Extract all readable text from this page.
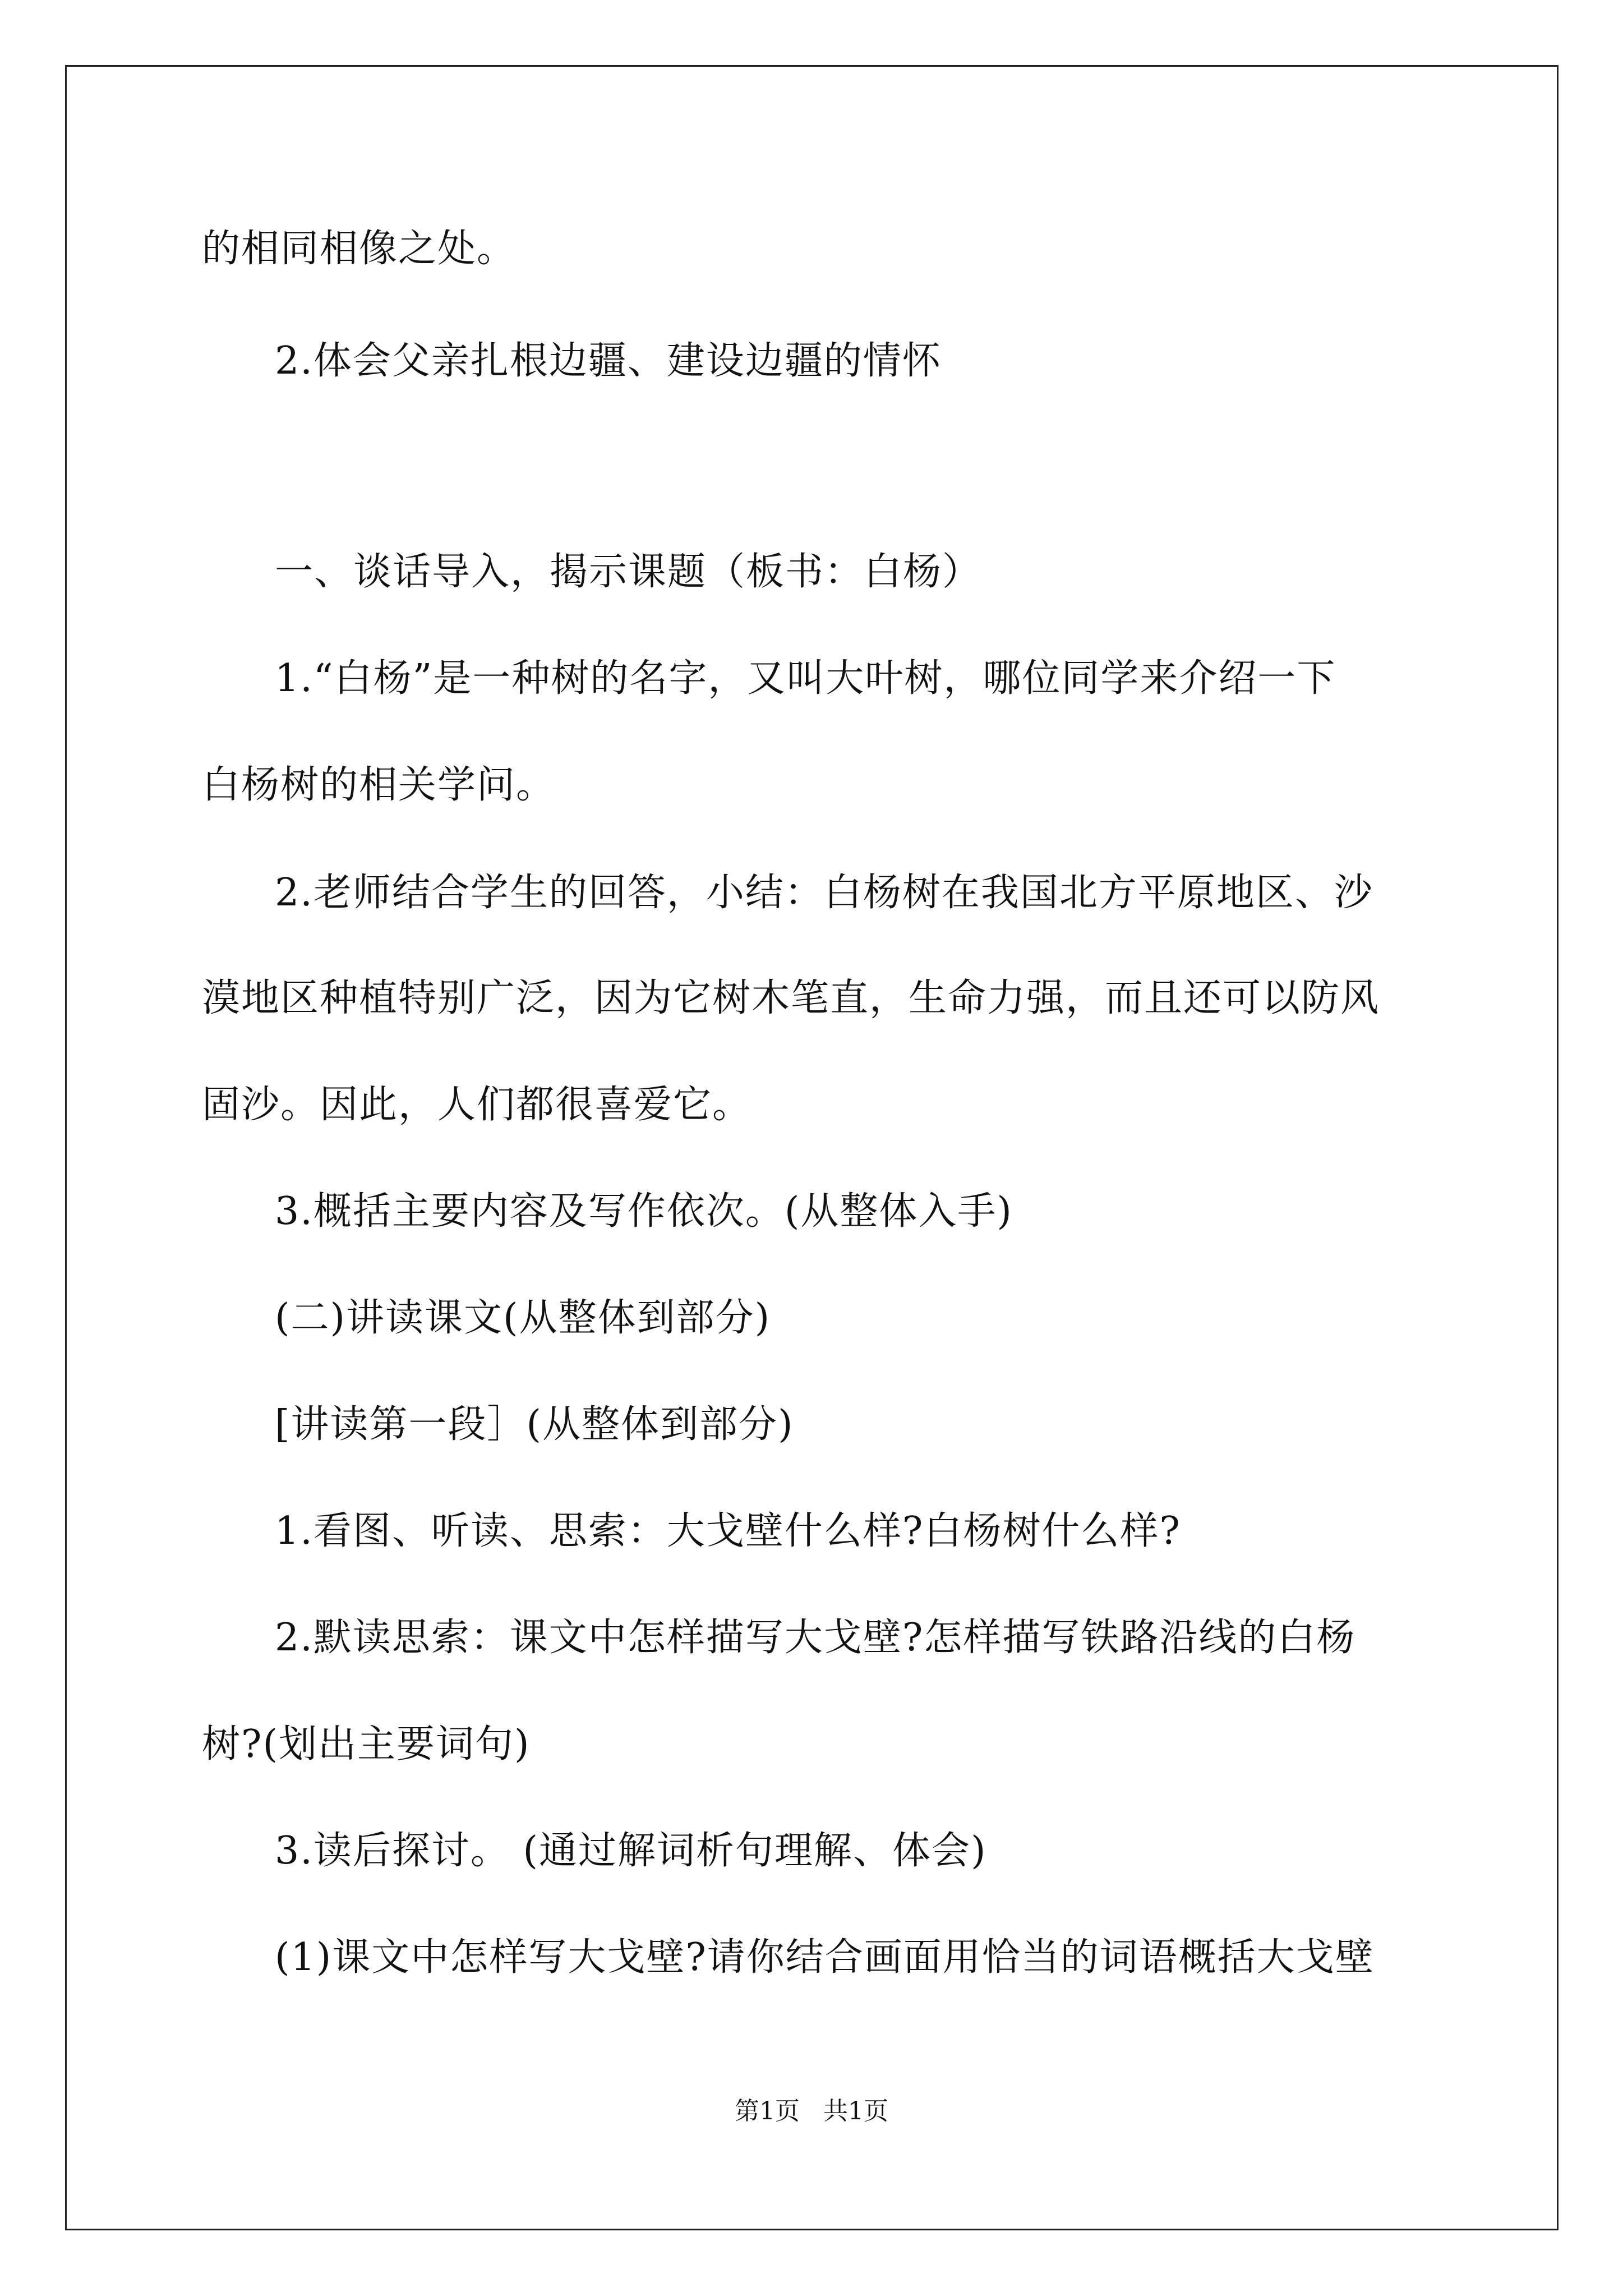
的相同相像之处。
2.体会父亲扎根边疆、建设边疆的情怀
一、谈话导入，揭示课题（板书：白杨）
1.“白杨”是一种树的名字，又叫大叶树，哪位同学来介绍一下
白杨树的相关学问。
2.老师结合学生的回答，小结：白杨树在我国北方平原地区、沙
漠地区种植特别广泛，因为它树木笔直，生命力强，而且还可以防风
固沙。因此，人们都很喜爱它。
3.概括主要内容及写作依次。(从整体入手)
(二)讲读课文(从整体到部分)
[讲读第一段］(从整体到部分)
1.看图、听读、思索：大戈壁什么样?白杨树什么样?
2.默读思索：课文中怎样描写大戈壁?怎样描写铁路沿线的白杨
树?(划出主要词句)
3.读后探讨。 (通过解词析句理解、体会)
(1)课文中怎样写大戈壁?请你结合画面用恰当的词语概括大戈壁
第1页   共1页
